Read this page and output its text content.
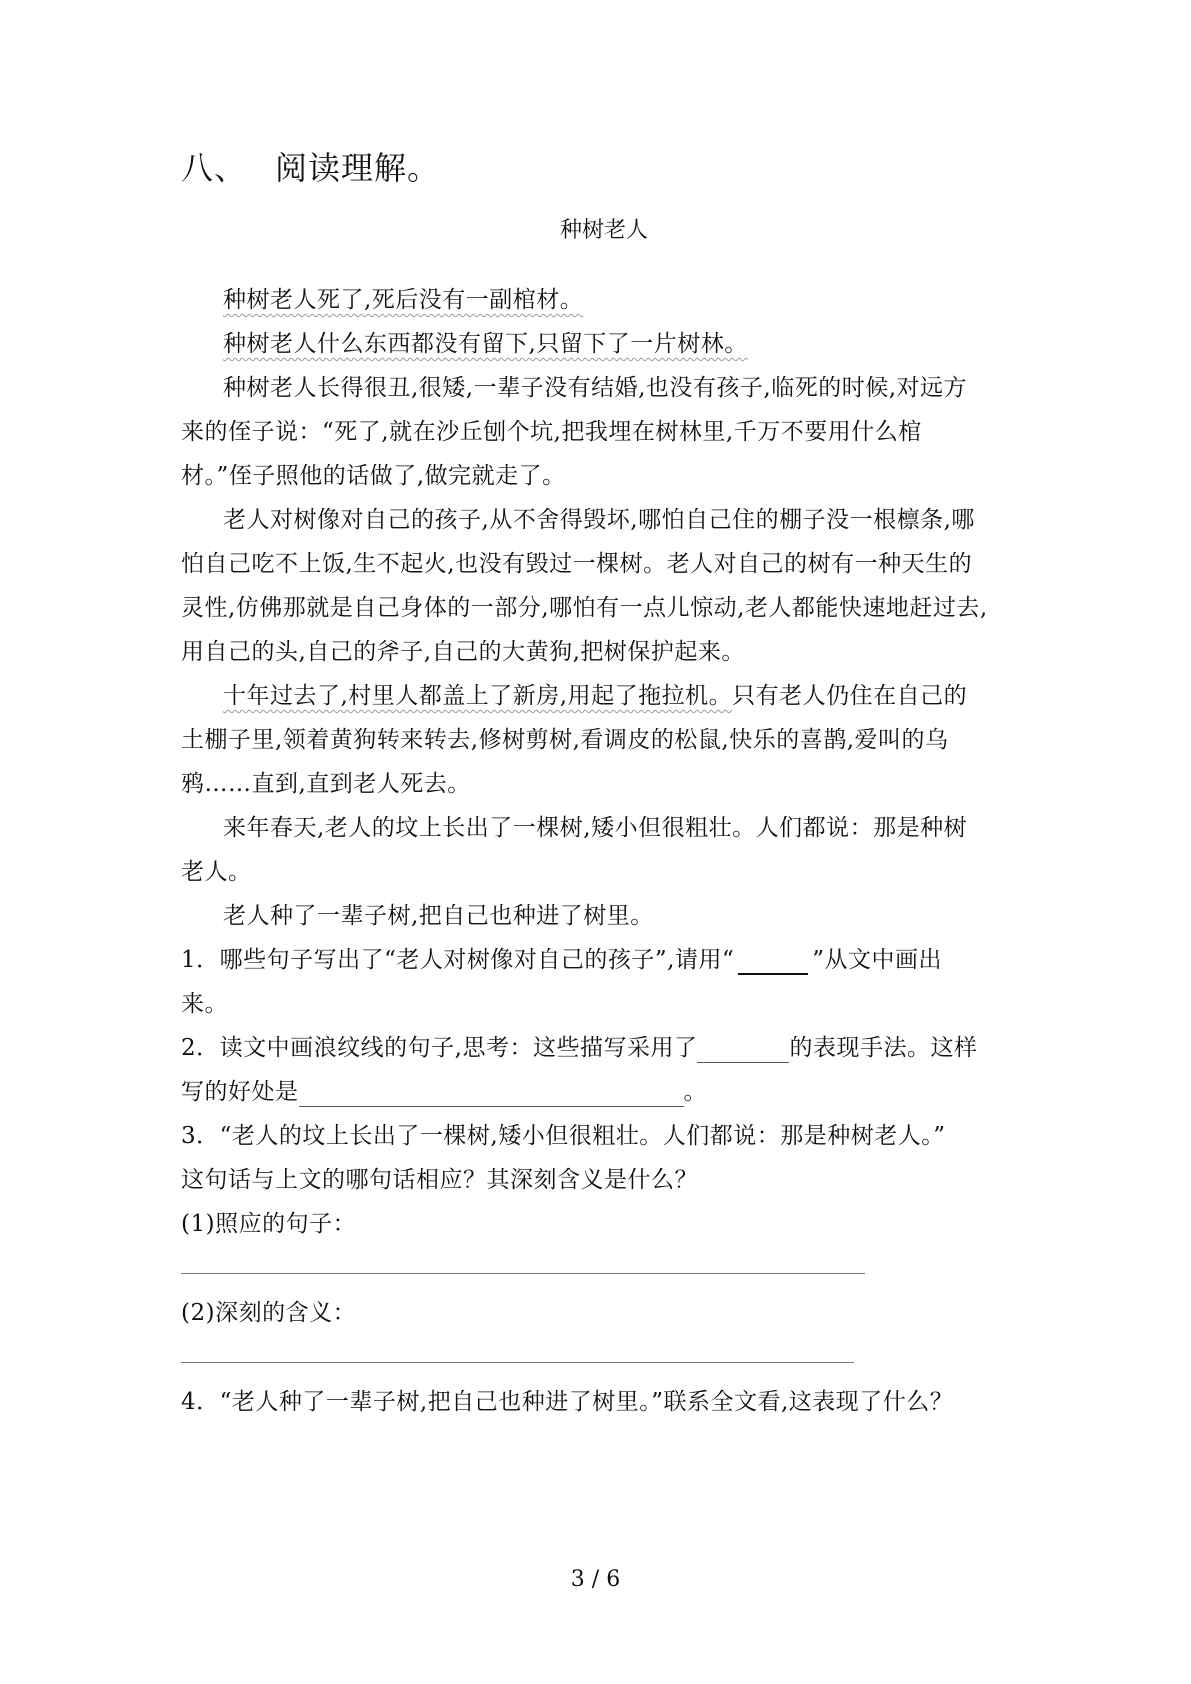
八、 阅读理解。
种树老人
种树老人死了,死后没有一副棺材。
种树老人什么东西都没有留下,只留下了一片树林。
种树老人长得很丑,很矮,一辈子没有结婚,也没有孩子,临死的时候,对远方
来的侄子说：“死了,就在沙丘刨个坑,把我埋在树林里,千万不要用什么棺
材。”侄子照他的话做了,做完就走了。
老人对树像对自己的孩子,从不舍得毁坏,哪怕自己住的棚子没一根檩条,哪
怕自己吃不上饭,生不起火,也没有毁过一棵树。老人对自己的树有一种天生的
灵性,仿佛那就是自己身体的一部分,哪怕有一点儿惊动,老人都能快速地赶过去,
用自己的头,自己的斧子,自己的大黄狗,把树保护起来。
十年过去了,村里人都盖上了新房,用起了拖拉机。只有老人仍住在自己的
土棚子里,领着黄狗转来转去,修树剪树,看调皮的松鼠,快乐的喜鹊,爱叫的乌
鸦……直到,直到老人死去。
来年春天,老人的坟上长出了一棵树,矮小但很粗壮。人们都说：那是种树
老人。
老人种了一辈子树,把自己也种进了树里。
1．哪些句子写出了“老人对树像对自己的孩子”,请用“	”从文中画出
来。
2．读文中画浪纹线的句子,思考：这些描写采用了	的表现手法。这样
写的好处是	。
3．“老人的坟上长出了一棵树,矮小但很粗壮。人们都说：那是种树老人。”
这句话与上文的哪句话相应？其深刻含义是什么？
(1)照应的句子：
(2)深刻的含义：
4．“老人种了一辈子树,把自己也种进了树里。”联系全文看,这表现了什么？
3 / 6
